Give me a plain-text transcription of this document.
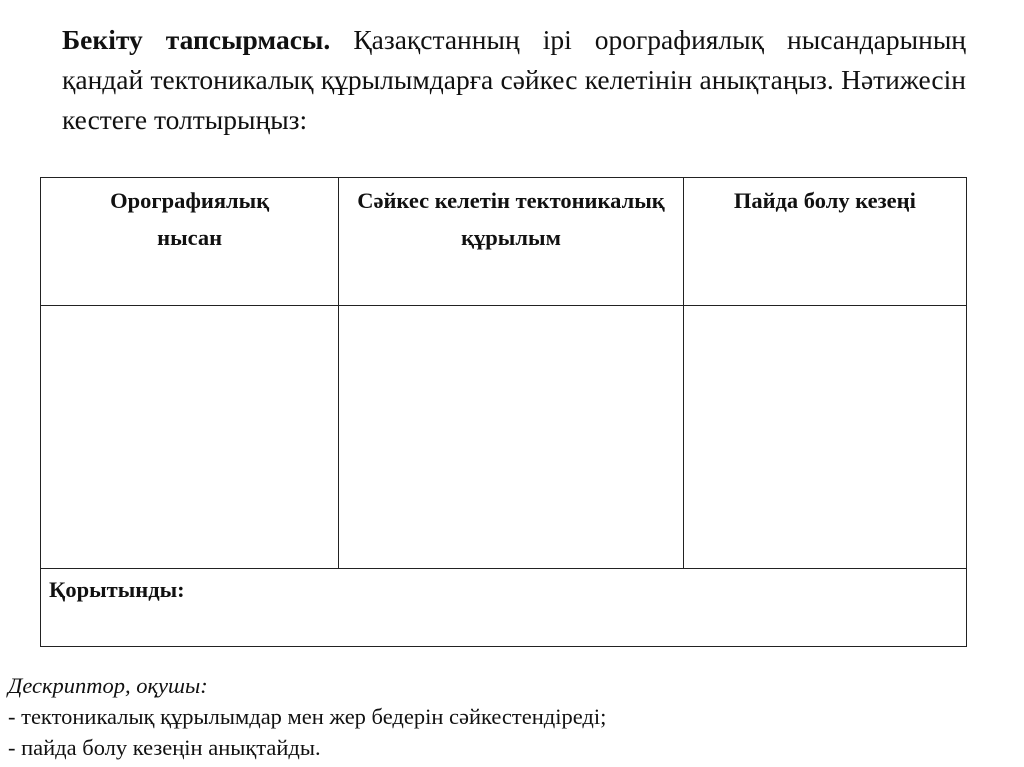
Бекіту тапсырмасы. Қазақстанның ірі орографиялық нысандарының қандай тектоникалық құрылымдарға сәйкес келетінін анықтаңыз. Нәтижесін кестеге толтырыңыз:
Орографиялық нысан	Сәйкес келетін тектоникалық құрылым	Пайда болу кезеңі

Қорытынды:		
Дескриптор, оқушы:
- тектоникалық құрылымдар мен жер бедерін сәйкестендіреді;
- пайда болу кезеңін анықтайды.
